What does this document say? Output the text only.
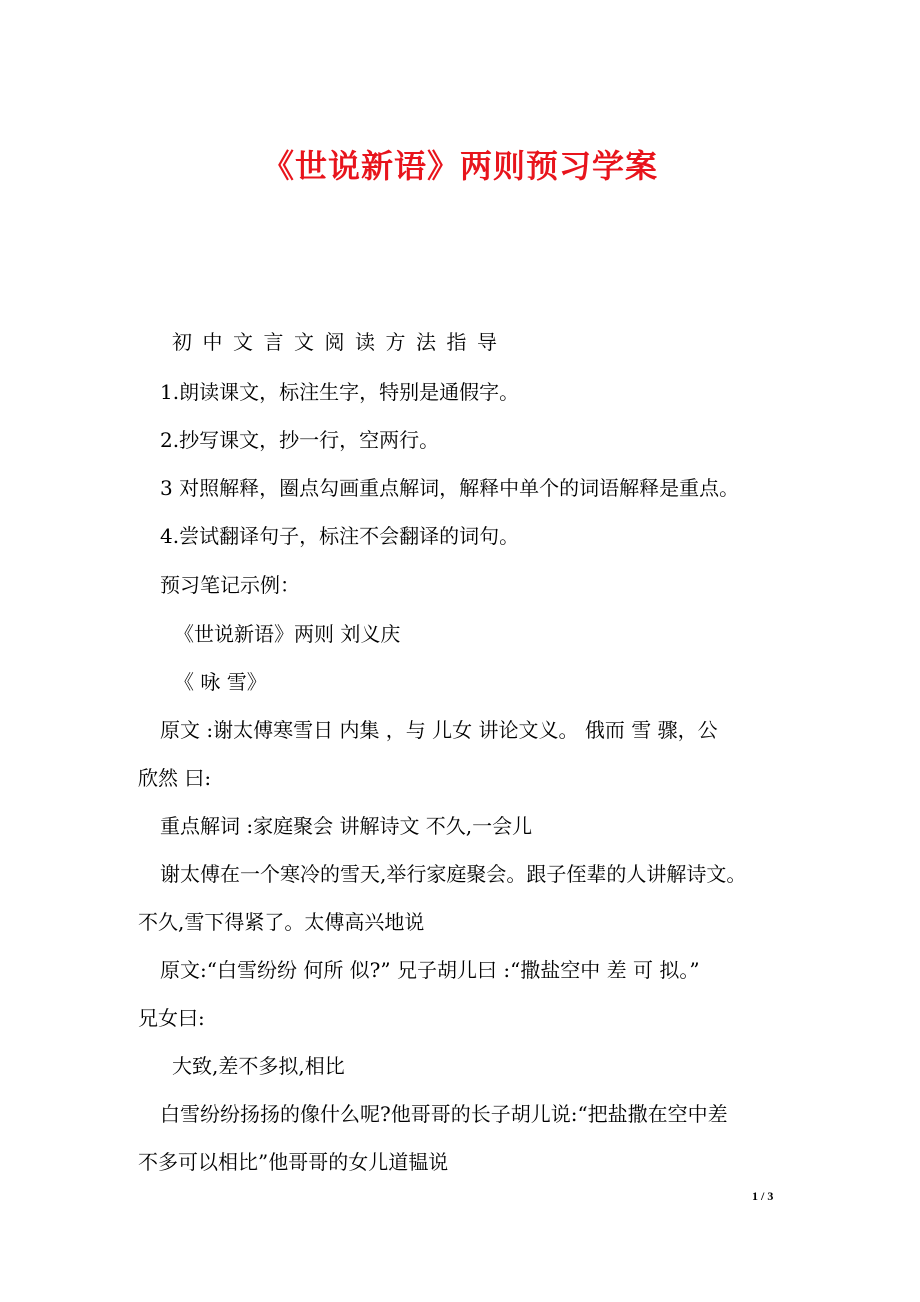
《世说新语》两则预习学案
初中文言文阅读方法指导
1.朗读课文，标注生字，特别是通假字。
2.抄写课文，抄一行，空两行。
3 对照解释，圈点勾画重点解词，解释中单个的词语解释是重点。
4.尝试翻译句子，标注不会翻译的词句。
预习笔记示例：
《世说新语》两则 刘义庆
《 咏 雪》
原文 :谢太傅寒雪日 内集 ，与 儿女 讲论文义。 俄而 雪 骤，公
欣然 曰:
重点解词 :家庭聚会 讲解诗文 不久,一会儿
谢太傅在一个寒冷的雪天,举行家庭聚会。跟子侄辈的人讲解诗文。
不久,雪下得紧了。太傅高兴地说
原文:“白雪纷纷 何所 似?” 兄子胡儿曰 :“撒盐空中 差 可 拟。”
兄女曰:
大致,差不多拟,相比
白雪纷纷扬扬的像什么呢?他哥哥的长子胡儿说:“把盐撒在空中差
不多可以相比”他哥哥的女儿道韫说
1 / 3
